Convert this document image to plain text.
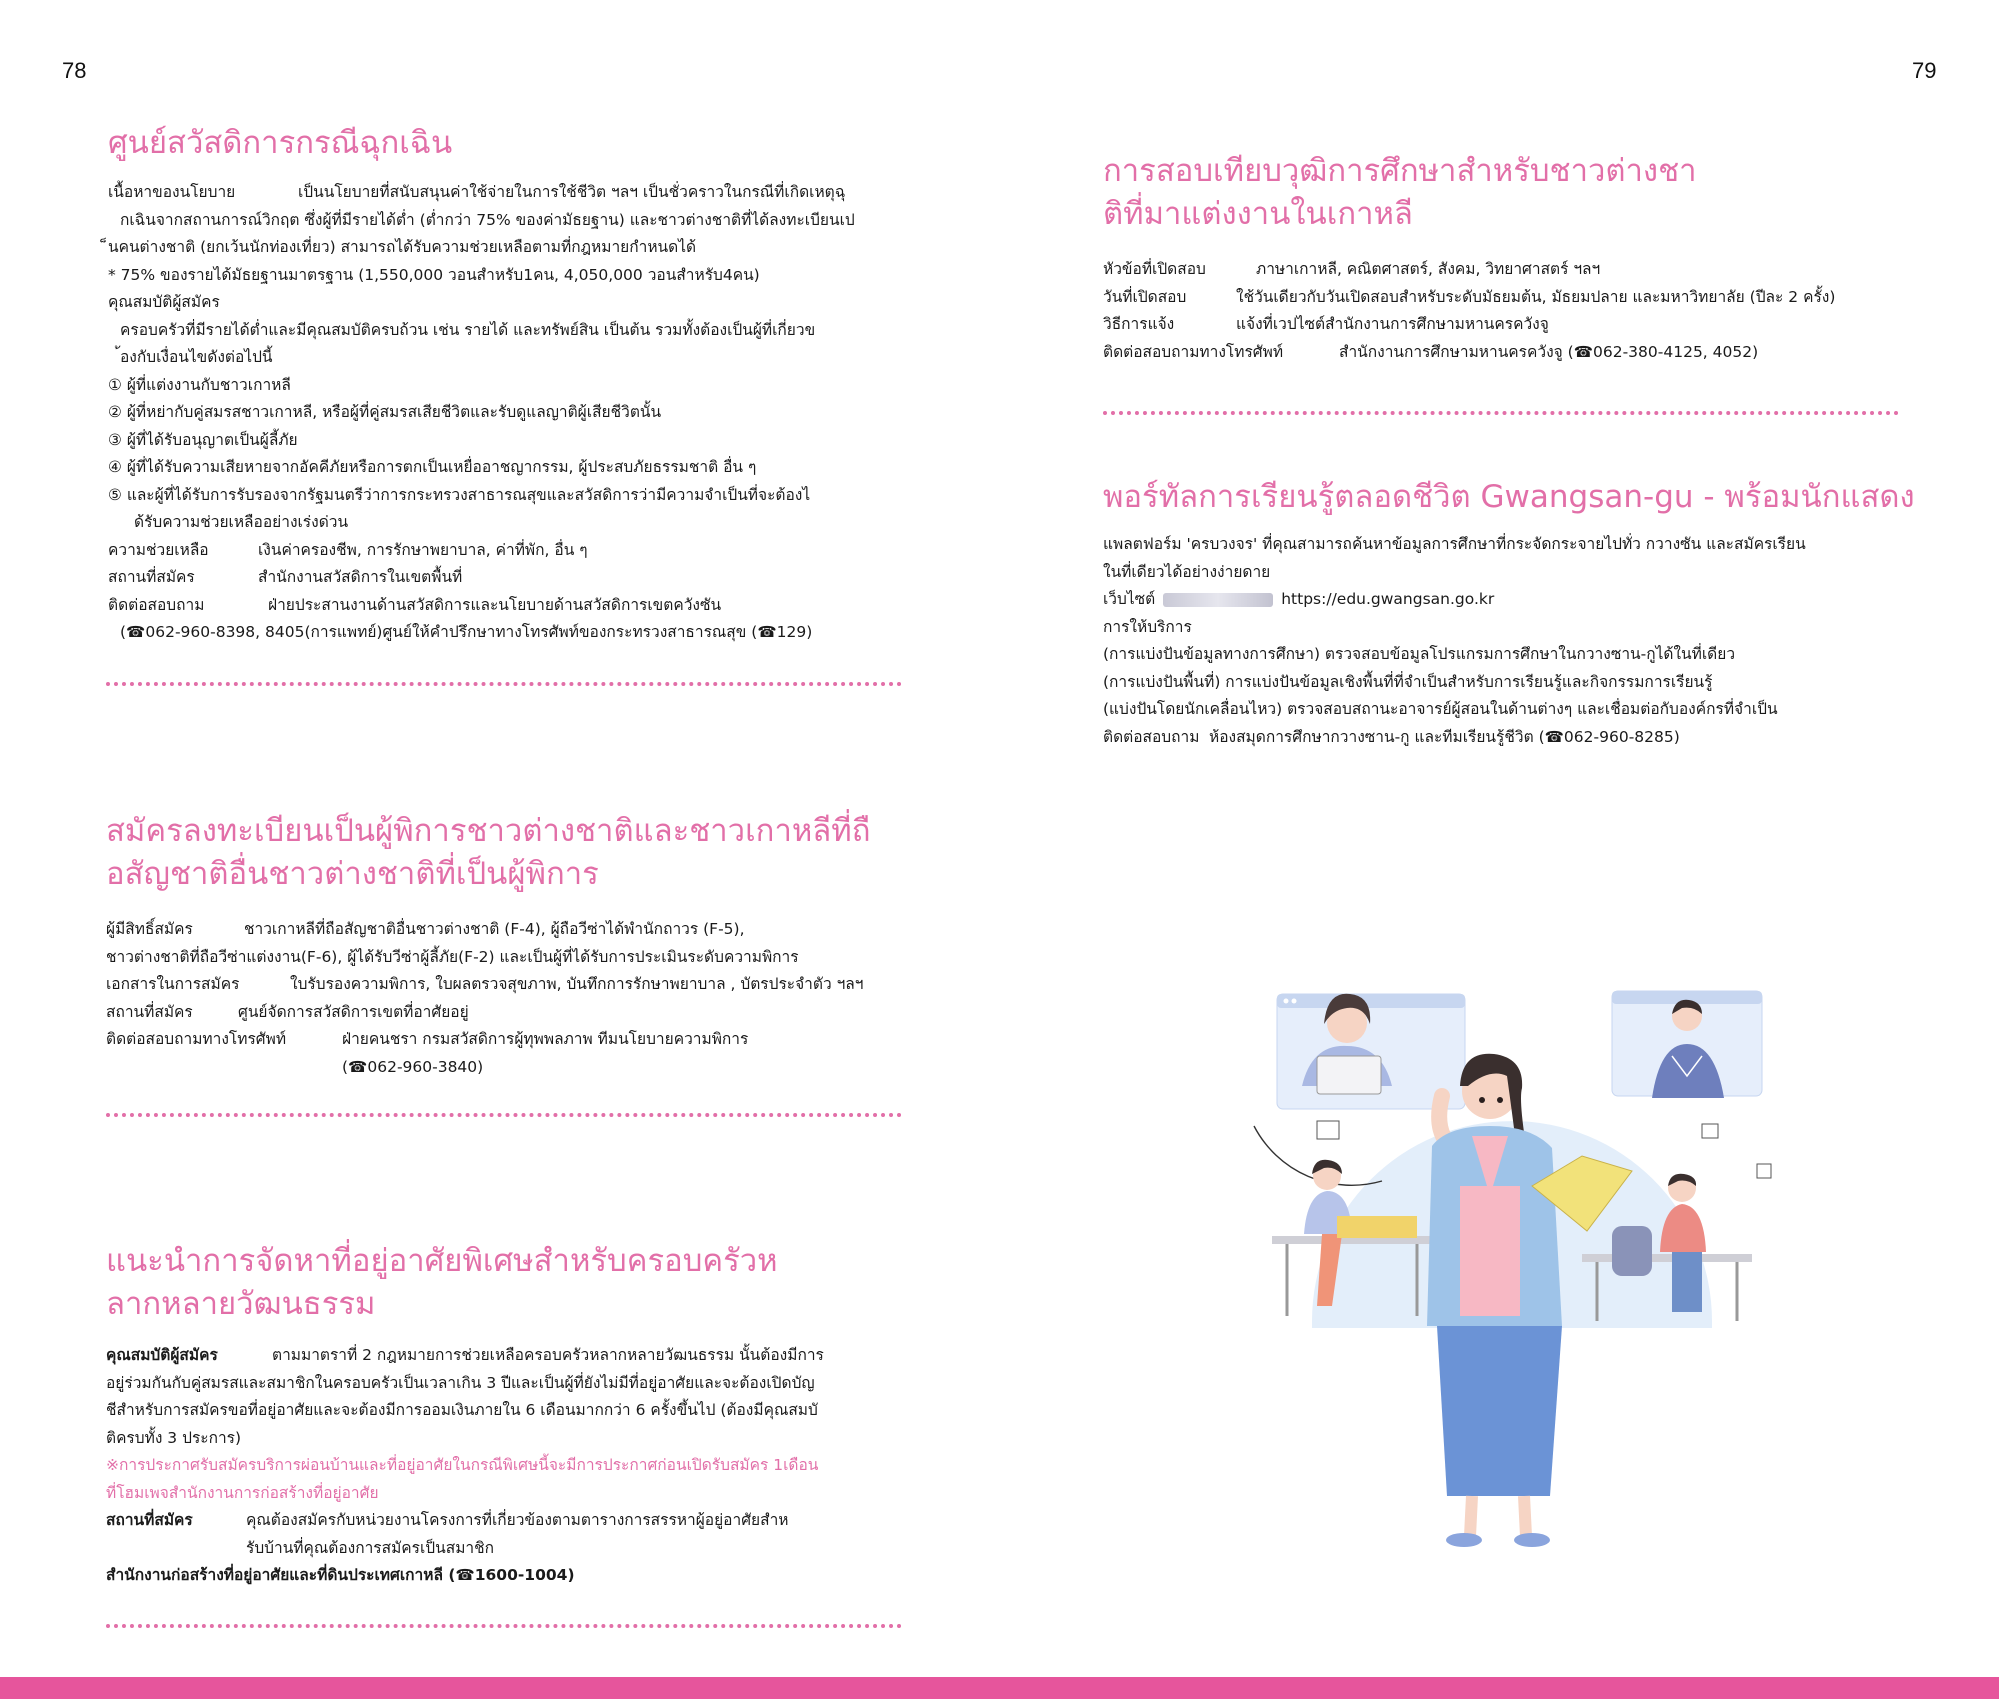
78	79
ศูนย์สวัสดิการกรณีฉุกเฉิน
เนื้อหาของนโยบาย	เป็นนโยบายที่สนับสนุนค่าใช้จ่ายในการใช้ชีวิต ฯลฯ เป็นชั่วคราวในกรณีที่เกิดเหตุฉุ
กเฉินจากสถานการณ์วิกฤต ซึ่งผู้ที่มีรายได้ต่ำ (ต่ำกว่า 75% ของค่ามัธยฐาน) และชาวต่างชาติที่ได้ลงทะเบียนเป
็นคนต่างชาติ (ยกเว้นนักท่องเที่ยว) สามารถได้รับความช่วยเหลือตามที่กฎหมายกำหนดได้
* 75% ของรายได้มัธยฐานมาตรฐาน (1,550,000 วอนสำหรับ1คน, 4,050,000 วอนสำหรับ4คน)
คุณสมบัติผู้สมัคร
ครอบครัวที่มีรายได้ต่ำและมีคุณสมบัติครบถ้วน เช่น รายได้ และทรัพย์สิน เป็นต้น รวมทั้งต้องเป็นผู้ที่เกี่ยวข
้องกับเงื่อนไขดังต่อไปนี้
① ผู้ที่แต่งงานกับชาวเกาหลี
② ผู้ที่หย่ากับคู่สมรสชาวเกาหลี, หรือผู้ที่คู่สมรสเสียชีวิตและรับดูแลญาติผู้เสียชีวิตนั้น
③ ผู้ที่ได้รับอนุญาตเป็นผู้ลี้ภัย
④ ผู้ที่ได้รับความเสียหายจากอัคคีภัยหรือการตกเป็นเหยื่ออาชญากรรม, ผู้ประสบภัยธรรมชาติ อื่น ๆ
⑤ และผู้ที่ได้รับการรับรองจากรัฐมนตรีว่าการกระทรวงสาธารณสุขและสวัสดิการว่ามีความจำเป็นที่จะต้องไ
ด้รับความช่วยเหลืออย่างเร่งด่วน
ความช่วยเหลือ	เงินค่าครองชีพ, การรักษาพยาบาล, ค่าที่พัก, อื่น ๆ
สถานที่สมัคร	สำนักงานสวัสดิการในเขตพื้นที่
ติดต่อสอบถาม	ฝ่ายประสานงานด้านสวัสดิการและนโยบายด้านสวัสดิการเขตควังซัน
(☎062-960-8398, 8405(การแพทย์)ศูนย์ให้คำปรึกษาทางโทรศัพท์ของกระทรวงสาธารณสุข (☎129)
สมัครลงทะเบียนเป็นผู้พิการชาวต่างชาติและชาวเกาหลีที่ถื
อสัญชาติอื่นชาวต่างชาติที่เป็นผู้พิการ
ผู้มีสิทธิ์สมัคร	ชาวเกาหลีที่ถือสัญชาติอื่นชาวต่างชาติ (F-4), ผู้ถือวีซ่าได้พำนักถาวร (F-5),
ชาวต่างชาติที่ถือวีซ่าแต่งงาน(F-6), ผู้ได้รับวีซ่าผู้ลี้ภัย(F-2) และเป็นผู้ที่ได้รับการประเมินระดับความพิการ
เอกสารในการสมัคร	ใบรับรองความพิการ, ใบผลตรวจสุขภาพ, บันทึกการรักษาพยาบาล , บัตรประจำตัว ฯลฯ
สถานที่สมัคร	ศูนย์จัดการสวัสดิการเขตที่อาศัยอยู่
ติดต่อสอบถามทางโทรศัพท์	ฝ่ายคนชรา กรมสวัสดิการผู้ทุพพลภาพ ทีมนโยบายความพิการ
(☎062-960-3840)
แนะนำการจัดหาที่อยู่อาศัยพิเศษสำหรับครอบครัวห
ลากหลายวัฒนธรรม
คุณสมบัติผู้สมัคร	ตามมาตราที่ 2 กฎหมายการช่วยเหลือครอบครัวหลากหลายวัฒนธรรม นั้นต้องมีการ
อยู่ร่วมกันกับคู่สมรสและสมาชิกในครอบครัวเป็นเวลาเกิน 3 ปีและเป็นผู้ที่ยังไม่มีที่อยู่อาศัยและจะต้องเปิดบัญ
ชีสำหรับการสมัครขอที่อยู่อาศัยและจะต้องมีการออมเงินภายใน 6 เดือนมากกว่า 6 ครั้งขึ้นไป (ต้องมีคุณสมบั
ติครบทั้ง 3 ประการ)
※การประกาศรับสมัครบริการผ่อนบ้านและที่อยู่อาศัยในกรณีพิเศษนี้จะมีการประกาศก่อนเปิดรับสมัคร 1เดือน
ที่โฮมเพจสำนักงานการก่อสร้างที่อยู่อาศัย
สถานที่สมัคร	คุณต้องสมัครกับหน่วยงานโครงการที่เกี่ยวข้องตามตารางการสรรหาผู้อยู่อาศัยสำห
รับบ้านที่คุณต้องการสมัครเป็นสมาชิก
สำนักงานก่อสร้างที่อยู่อาศัยและที่ดินประเทศเกาหลี (☎1600-1004)
การสอบเทียบวุฒิการศึกษาสำหรับชาวต่างชา
ติที่มาแต่งงานในเกาหลี
หัวข้อที่เปิดสอบ	ภาษาเกาหลี, คณิตศาสตร์, สังคม, วิทยาศาสตร์ ฯลฯ
วันที่เปิดสอบ	ใช้วันเดียวกับวันเปิดสอบสำหรับระดับมัธยมต้น, มัธยมปลาย และมหาวิทยาลัย (ปีละ 2 ครั้ง)
วิธีการแจ้ง	แจ้งที่เวปไซต์สำนักงานการศึกษามหานครควังจู
ติดต่อสอบถามทางโทรศัพท์	สำนักงานการศึกษามหานครควังจู (☎062-380-4125, 4052)
พอร์ทัลการเรียนรู้ตลอดชีวิต Gwangsan-gu - พร้อมนักแสดง
แพลตฟอร์ม 'ครบวงจร' ที่คุณสามารถค้นหาข้อมูลการศึกษาที่กระจัดกระจายไปทั่ว กวางซัน และสมัครเรียน
ในที่เดียวได้อย่างง่ายดาย
เว็บไซต์	https://edu.gwangsan.go.kr
การให้บริการ
(การแบ่งปันข้อมูลทางการศึกษา) ตรวจสอบข้อมูลโปรแกรมการศึกษาในกวางซาน-กูได้ในที่เดียว
(การแบ่งปันพื้นที่) การแบ่งปันข้อมูลเชิงพื้นที่ที่จำเป็นสำหรับการเรียนรู้และกิจกรรมการเรียนรู้
(แบ่งปันโดยนักเคลื่อนไหว) ตรวจสอบสถานะอาจารย์ผู้สอนในด้านต่างๆ และเชื่อมต่อกับองค์กรที่จำเป็น
ติดต่อสอบถาม ห้องสมุดการศึกษากวางซาน-กู และทีมเรียนรู้ชีวิต (☎062-960-8285)
